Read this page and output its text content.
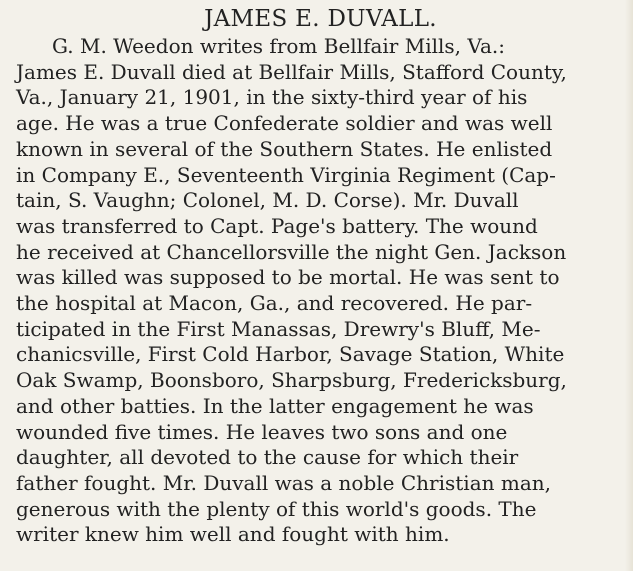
JAMES E. DUVALL.
G. M. Weedon writes from Bellfair Mills, Va.:
James E. Duvall died at Bellfair Mills, Stafford County,
Va., January 21, 1901, in the sixty-third year of his
age. He was a true Confederate soldier and was well
known in several of the Southern States. He enlisted
in Company E., Seventeenth Virginia Regiment (Cap-
tain, S. Vaughn; Colonel, M. D. Corse). Mr. Duvall
was transferred to Capt. Page's battery. The wound
he received at Chancellorsville the night Gen. Jackson
was killed was supposed to be mortal. He was sent to
the hospital at Macon, Ga., and recovered. He par-
ticipated in the First Manassas, Drewry's Bluff, Me-
chanicsville, First Cold Harbor, Savage Station, White
Oak Swamp, Boonsboro, Sharpsburg, Fredericksburg,
and other batties. In the latter engagement he was
wounded five times. He leaves two sons and one
daughter, all devoted to the cause for which their
father fought. Mr. Duvall was a noble Christian man,
generous with the plenty of this world's goods. The
writer knew him well and fought with him.
